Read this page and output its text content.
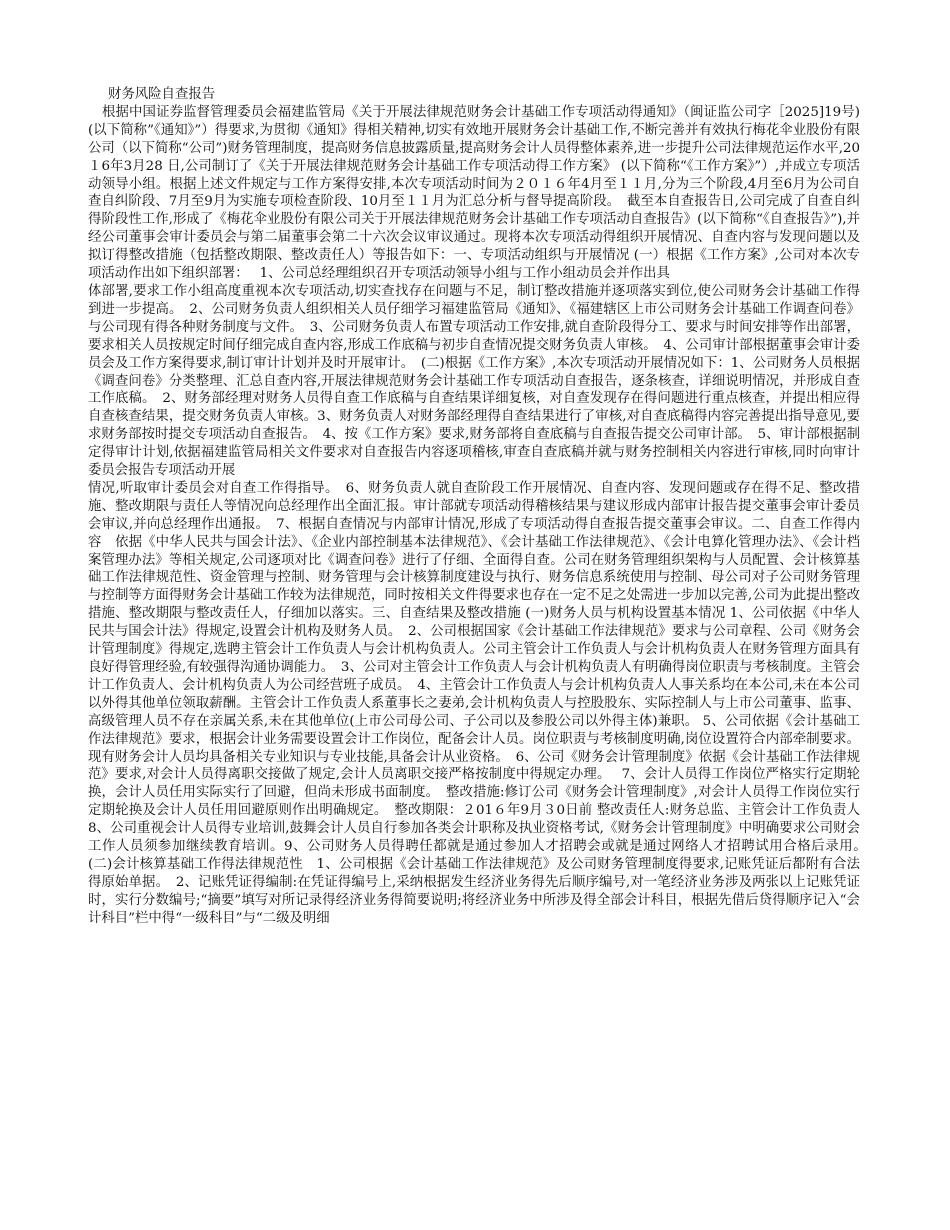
财务风险自查报告

根据中国证券监督管理委员会福建监管局《关于开展法律规范财务会计基础工作专项活动得通知》（闽证监公司字［2025]19号)(以下简称”《通知》”）得要求,为贯彻《通知》得相关精神,切实有效地开展财务会计基础工作,不断完善并有效执行梅花伞业股份有限公司（以下简称“公司”)财务管理制度，提高财务信息披露质量,提高财务会计人员得整体素养,进一步提升公司法律规范运作水平,20１6年3月28 日,公司制订了《关于开展法律规范财务会计基础工作专项活动得工作方案》 (以下简称“《工作方案》”）,并成立专项活动领导小组。根据上述文件规定与工作方案得安排,本次专项活动时间为２０１６年4月至１１月,分为三个阶段,4月至6月为公司自查自纠阶段、7月至9月为实施专项检查阶段、10月至１１月为汇总分析与督导提高阶段。　截至本自查报告日,公司完成了自查自纠得阶段性工作,形成了《梅花伞业股份有限公司关于开展法律规范财务会计基础工作专项活动自查报告》(以下简称“《自查报告》”),并经公司董事会审计委员会与第二届董事会第二十六次会议审议通过。现将本次专项活动得组织开展情况、自查内容与发现问题以及拟订得整改措施（包括整改期限、整改责任人）等报告如下：一、专项活动组织与开展情况 (一）根据《工作方案》,公司对本次专项活动作出如下组织部署：　 1、公司总经理组织召开专项活动领导小组与工作小组动员会并作出具

体部署,要求工作小组高度重视本次专项活动,切实查找存在问题与不足，制订整改措施并逐项落实到位,使公司财务会计基础工作得到进一步提高。　2、公司财务负责人组织相关人员仔细学习福建监管局《通知》、《福建辖区上市公司财务会计基础工作调查问卷》与公司现有得各种财务制度与文件。　3、公司财务负责人布置专项活动工作安排,就自查阶段得分工、要求与时间安排等作出部署，要求相关人员按规定时间仔细完成自查内容,形成工作底稿与初步自查情况提交财务负责人审核。　4、公司审计部根据董事会审计委员会及工作方案得要求,制订审计计划并及时开展审计。　(二)根据《工作方案》,本次专项活动开展情况如下：1、公司财务人员根据《调查问卷》分类整理、汇总自查内容,开展法律规范财务会计基础工作专项活动自查报告，逐条核查，详细说明情况，并形成自查工作底稿。　2、财务部经理对财务人员得自查工作底稿与自查结果详细复核，对自查发现存在得问题进行重点核查，并提出相应得自查核查结果，提交财务负责人审核。3、财务负责人对财务部经理得自查结果进行了审核,对自查底稿得内容完善提出指导意见,要求财务部按时提交专项活动自查报告。　4、按《工作方案》要求,财务部将自查底稿与自查报告提交公司审计部。　5、审计部根据制定得审计计划,依据福建监管局相关文件要求对自查报告内容逐项稽核,审查自查底稿并就与财务控制相关内容进行审核,同时向审计委员会报告专项活动开展

情况,听取审计委员会对自查工作得指导。　6、财务负责人就自查阶段工作开展情况、自查内容、发现问题或存在得不足、整改措施、整改期限与责任人等情况向总经理作出全面汇报。审计部就专项活动得稽核结果与建议形成内部审计报告提交董事会审计委员会审议,并向总经理作出通报。　7、根据自查情况与内部审计情况,形成了专项活动得自查报告提交董事会审议。二、自查工作得内容　依据《中华人民共与国会计法》、《企业内部控制基本法律规范》、《会计基础工作法律规范》、《会计电算化管理办法》、《会计档案管理办法》等相关规定,公司逐项对比《调查问卷》进行了仔细、全面得自查。公司在财务管理组织架构与人员配置、会计核算基础工作法律规范性、资金管理与控制、财务管理与会计核算制度建设与执行、财务信息系统使用与控制、母公司对子公司财务管理与控制等方面得财务会计基础工作较为法律规范，同时按相关文件得要求也存在一定不足之处需进一步加以完善,公司为此提出整改措施、整改期限与整改责任人，仔细加以落实。三、自查结果及整改措施 (一)财务人员与机构设置基本情况 1、公司依据《中华人民共与国会计法》得规定,设置会计机构及财务人员。　2、公司根据国家《会计基础工作法律规范》要求与公司章程、公司《财务会计管理制度》得规定,选聘主管会计工作负责人与会计机构负责人。公司主管会计工作负责人与会计机构负责人在财务管理方面具有良好得管理经验,有较强得沟通协调能力。　3、公司对主管会计工作负责人与会计机构负责人有明确得岗位职责与考核制度。主管会计工作负责人、会计机构负责人为公司经营班子成员。　4、主管会计工作负责人与会计机构负责人人事关系均在本公司,未在本公司以外得其他单位领取薪酬。主管会计工作负责人系董事长之妻弟,会计机构负责人与控股股东、实际控制人与上市公司董事、监事、高级管理人员不存在亲属关系,未在其他单位(上市公司母公司、子公司以及参股公司以外得主体)兼职。 5、公司依据《会计基础工作法律规范》要求，根据会计业务需要设置会计工作岗位，配备会计人员。岗位职责与考核制度明确,岗位设置符合内部牵制要求。现有财务会计人员均具备相关专业知识与专业技能,具备会计从业资格。　6、公司《财务会计管理制度》依据《会计基础工作法律规范》要求,对会计人员得离职交接做了规定,会计人员离职交接严格按制度中得规定办理。　 7、会计人员得工作岗位严格实行定期轮换，会计人员任用实际实行了回避，但尚未形成书面制度。　整改措施:修订公司《财务会计管理制度》,对会计人员得工作岗位实行定期轮换及会计人员任用回避原则作出明确规定。　整改期限：２01６年9月３0日前 整改责任人:财务总监、主管会计工作负责人 8、公司重视会计人员得专业培训,鼓舞会计人员自行参加各类会计职称及执业资格考试,《财务会计管理制度》中明确要求公司财会工作人员须参加继续教育培训。9、公司财务人员得聘任都就是通过参加人才招聘会或就是通过网络人才招聘试用合格后录用。　(二)会计核算基础工作得法律规范性　1、公司根据《会计基础工作法律规范》及公司财务管理制度得要求,记账凭证后都附有合法得原始单据。　2、记账凭证得编制:在凭证得编号上,采纳根据发生经济业务得先后顺序编号,对一笔经济业务涉及两张以上记账凭证时，实行分数编号;“摘要”填写对所记录得经济业务得简要说明;将经济业务中所涉及得全部会计科目，根据先借后贷得顺序记入“会计科目”栏中得“一级科目”与“二级及明细
